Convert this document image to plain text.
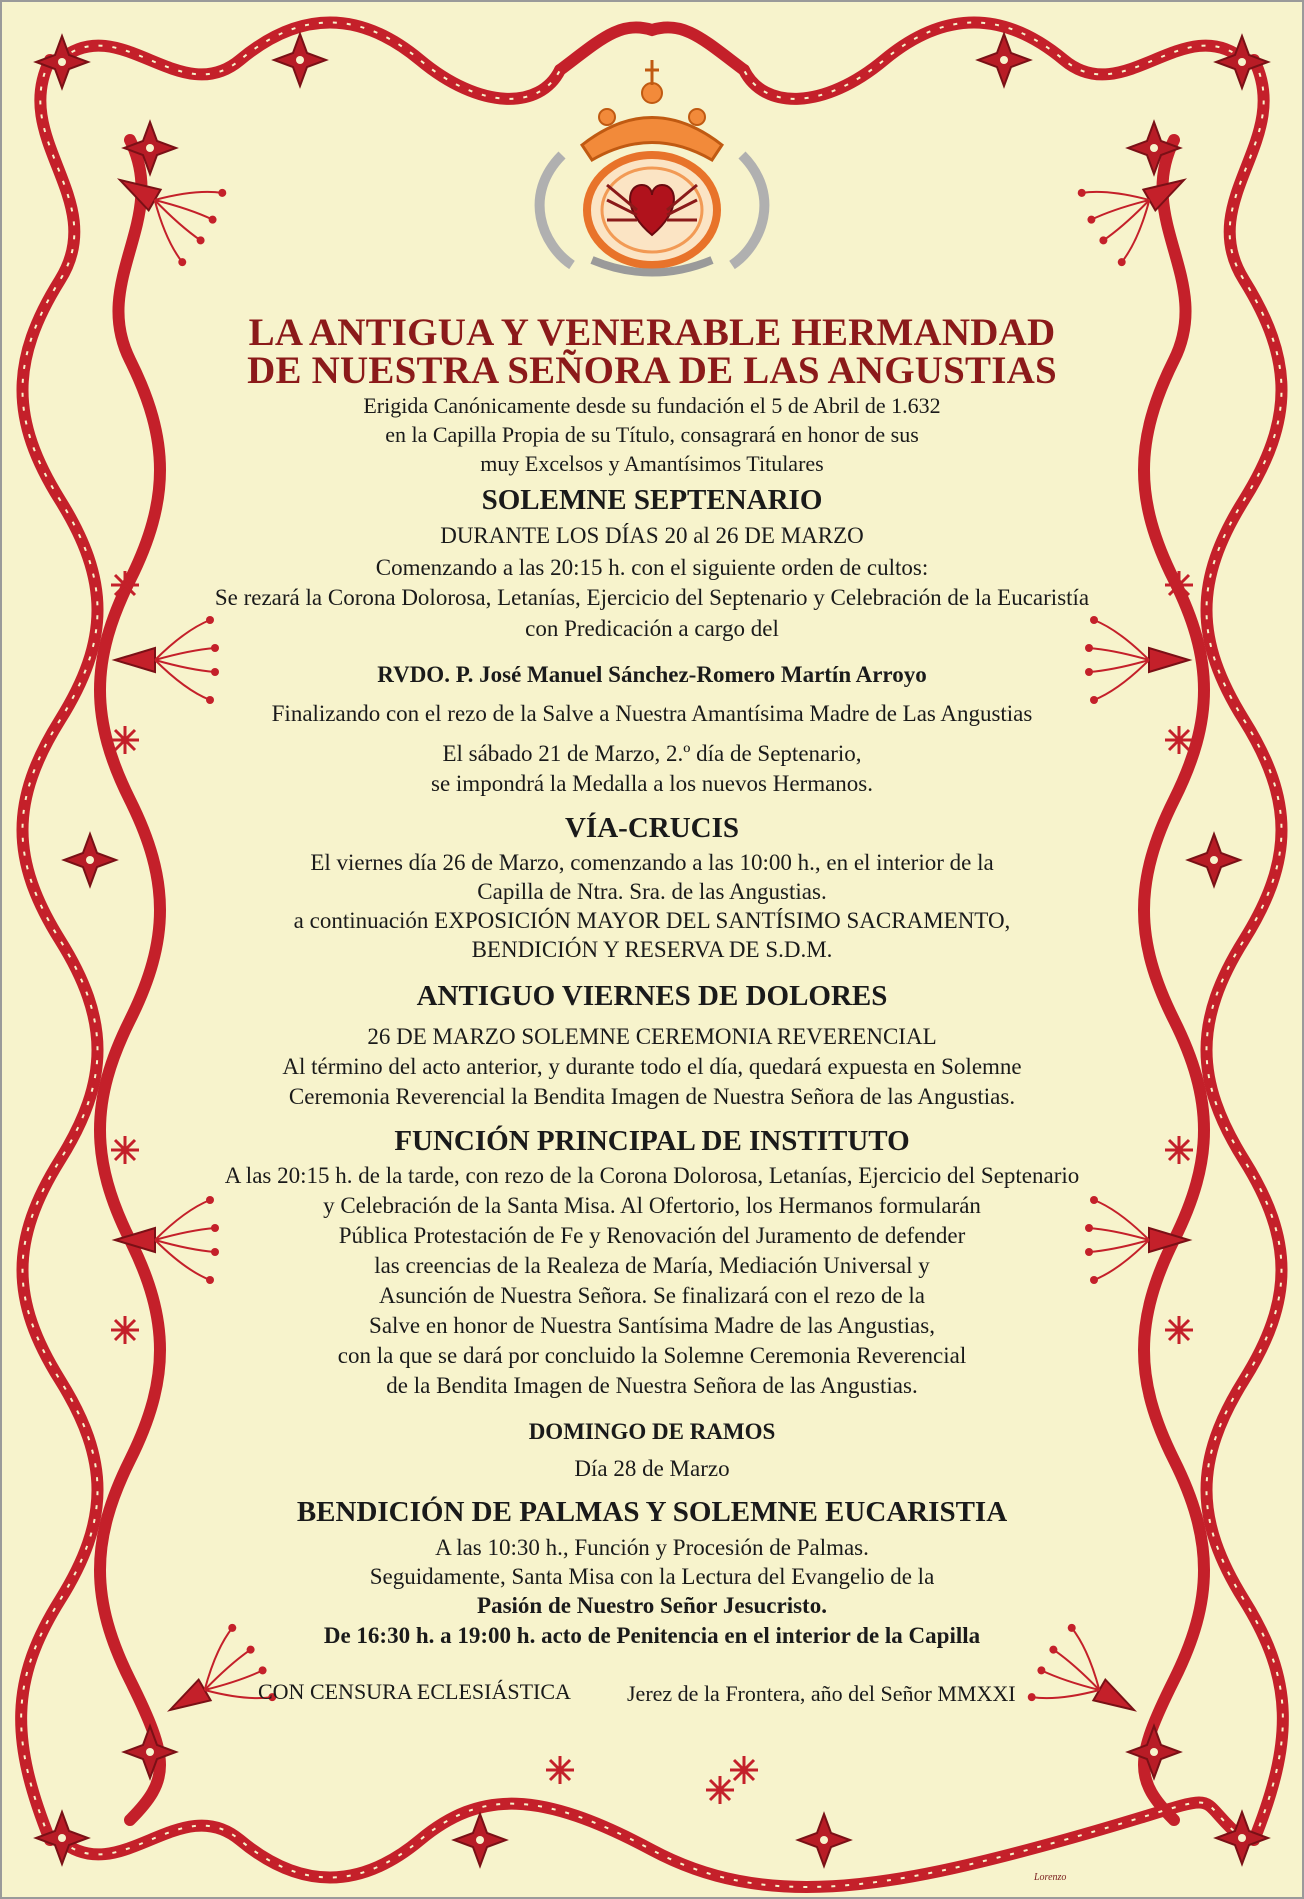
LA ANTIGUA Y VENERABLE HERMANDAD
DE NUESTRA SEÑORA DE LAS ANGUSTIAS
Erigida Canónicamente desde su fundación el 5 de Abril de 1.632
en la Capilla Propia de su Título, consagrará en honor de sus
muy Excelsos y Amantísimos Titulares
SOLEMNE SEPTENARIO
DURANTE LOS DÍAS 20 al 26 DE MARZO
Comenzando a las 20:15 h. con el siguiente orden de cultos:
Se rezará la Corona Dolorosa, Letanías, Ejercicio del Septenario y Celebración de la Eucaristía
con Predicación a cargo del
RVDO. P. José Manuel Sánchez-Romero Martín Arroyo
Finalizando con el rezo de la Salve a Nuestra Amantísima Madre de Las Angustias
El sábado 21 de Marzo, 2.º día de Septenario,
se impondrá la Medalla a los nuevos Hermanos.
VÍA-CRUCIS
El viernes día 26 de Marzo, comenzando a las 10:00 h., en el interior de la
Capilla de Ntra. Sra. de las Angustias.
a continuación EXPOSICIÓN MAYOR DEL SANTÍSIMO SACRAMENTO,
BENDICIÓN Y RESERVA DE S.D.M.
ANTIGUO VIERNES DE DOLORES
26 DE MARZO SOLEMNE CEREMONIA REVERENCIAL
Al término del acto anterior, y durante todo el día, quedará expuesta en Solemne
Ceremonia Reverencial la Bendita Imagen de Nuestra Señora de las Angustias.
FUNCIÓN PRINCIPAL DE INSTITUTO
A las 20:15 h. de la tarde, con rezo de la Corona Dolorosa, Letanías, Ejercicio del Septenario
y Celebración de la Santa Misa. Al Ofertorio, los Hermanos formularán
Pública Protestación de Fe y Renovación del Juramento de defender
las creencias de la Realeza de María, Mediación Universal y
Asunción de Nuestra Señora. Se finalizará con el rezo de la
Salve en honor de Nuestra Santísima Madre de las Angustias,
con la que se dará por concluido la Solemne Ceremonia Reverencial
de la Bendita Imagen de Nuestra Señora de las Angustias.
DOMINGO DE RAMOS
Día 28 de Marzo
BENDICIÓN DE PALMAS Y SOLEMNE EUCARISTIA
A las 10:30 h., Función y Procesión de Palmas.
Seguidamente, Santa Misa con la Lectura del Evangelio de la
Pasión de Nuestro Señor Jesucristo.
De 16:30 h. a 19:00 h. acto de Penitencia en el interior de la Capilla
CON CENSURA ECLESIÁSTICA	Jerez de la Frontera, año del Señor MMXXI
Lorenzo
